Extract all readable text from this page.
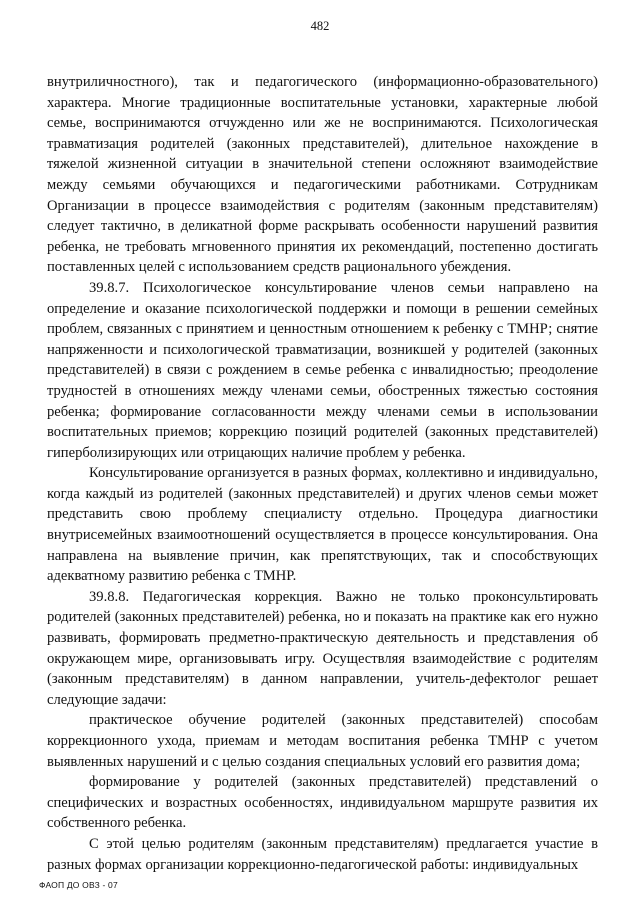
482

внутриличностного), так и педагогического (информационно-образовательного) характера. Многие традиционные воспитательные установки, характерные любой семье, воспринимаются отчужденно или же не воспринимаются. Психологическая травматизация родителей (законных представителей), длительное нахождение в тяжелой жизненной ситуации в значительной степени осложняют взаимодействие между семьями обучающихся и педагогическими работниками. Сотрудникам Организации в процессе взаимодействия с родителям (законным представителям) следует тактично, в деликатной форме раскрывать особенности нарушений развития ребенка, не требовать мгновенного принятия их рекомендаций, постепенно достигать поставленных целей с использованием средств рационального убеждения.

39.8.7. Психологическое консультирование членов семьи направлено на определение и оказание психологической поддержки и помощи в решении семейных проблем, связанных с принятием и ценностным отношением к ребенку с ТМНР; снятие напряженности и психологической травматизации, возникшей у родителей (законных представителей) в связи с рождением в семье ребенка с инвалидностью; преодоление трудностей в отношениях между членами семьи, обостренных тяжестью состояния ребенка; формирование согласованности между членами семьи в использовании воспитательных приемов; коррекцию позиций родителей (законных представителей) гиперболизирующих или отрицающих наличие проблем у ребенка.

Консультирование организуется в разных формах, коллективно и индивидуально, когда каждый из родителей (законных представителей) и других членов семьи может представить свою проблему специалисту отдельно. Процедура диагностики внутрисемейных взаимоотношений осуществляется в процессе консультирования. Она направлена на выявление причин, как препятствующих, так и способствующих адекватному развитию ребенка с ТМНР.

39.8.8. Педагогическая коррекция. Важно не только проконсультировать родителей (законных представителей) ребенка, но и показать на практике как его нужно развивать, формировать предметно-практическую деятельность и представления об окружающем мире, организовывать игру. Осуществляя взаимодействие с родителям (законным представителям) в данном направлении, учитель-дефектолог решает следующие задачи:

практическое обучение родителей (законных представителей) способам коррекционного ухода, приемам и методам воспитания ребенка ТМНР с учетом выявленных нарушений и с целью создания специальных условий его развития дома;

формирование у родителей (законных представителей) представлений о специфических и возрастных особенностях, индивидуальном маршруте развития их собственного ребенка.

С этой целью родителям (законным представителям) предлагается участие в разных формах организации коррекционно-педагогической работы: индивидуальных

ФАОП ДО ОВЗ - 07
